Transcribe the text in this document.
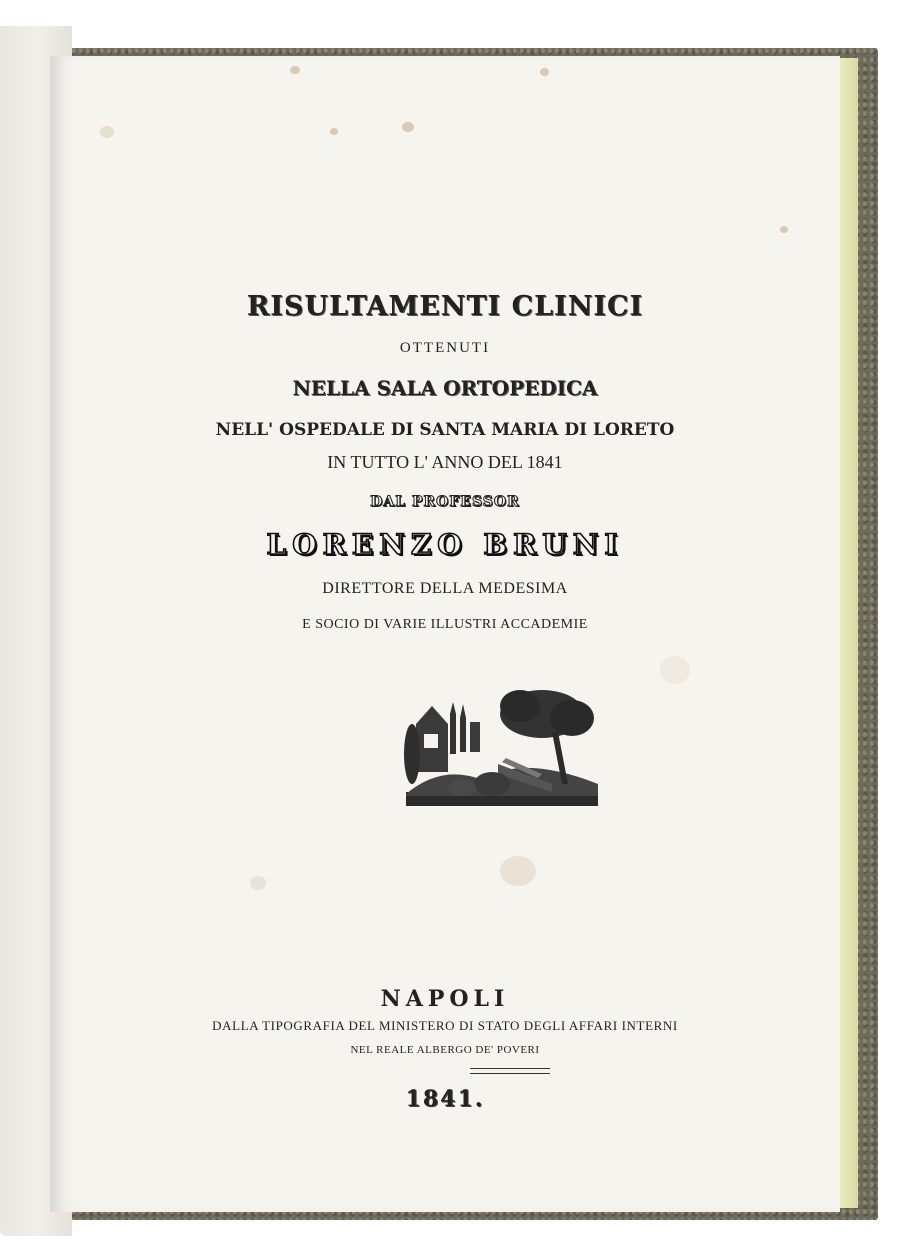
RISULTAMENTI CLINICI
OTTENUTI
NELLA SALA ORTOPEDICA
NELL' OSPEDALE DI SANTA MARIA DI LORETO
IN TUTTO L' ANNO DEL 1841
DAL PROFESSOR
LORENZO BRUNI
DIRETTORE DELLA MEDESIMA
E SOCIO DI VARIE ILLUSTRI ACCADEMIE
NAPOLI
DALLA TIPOGRAFIA DEL MINISTERO DI STATO DEGLI AFFARI INTERNI
NEL REALE ALBERGO DE' POVERI
1841.
